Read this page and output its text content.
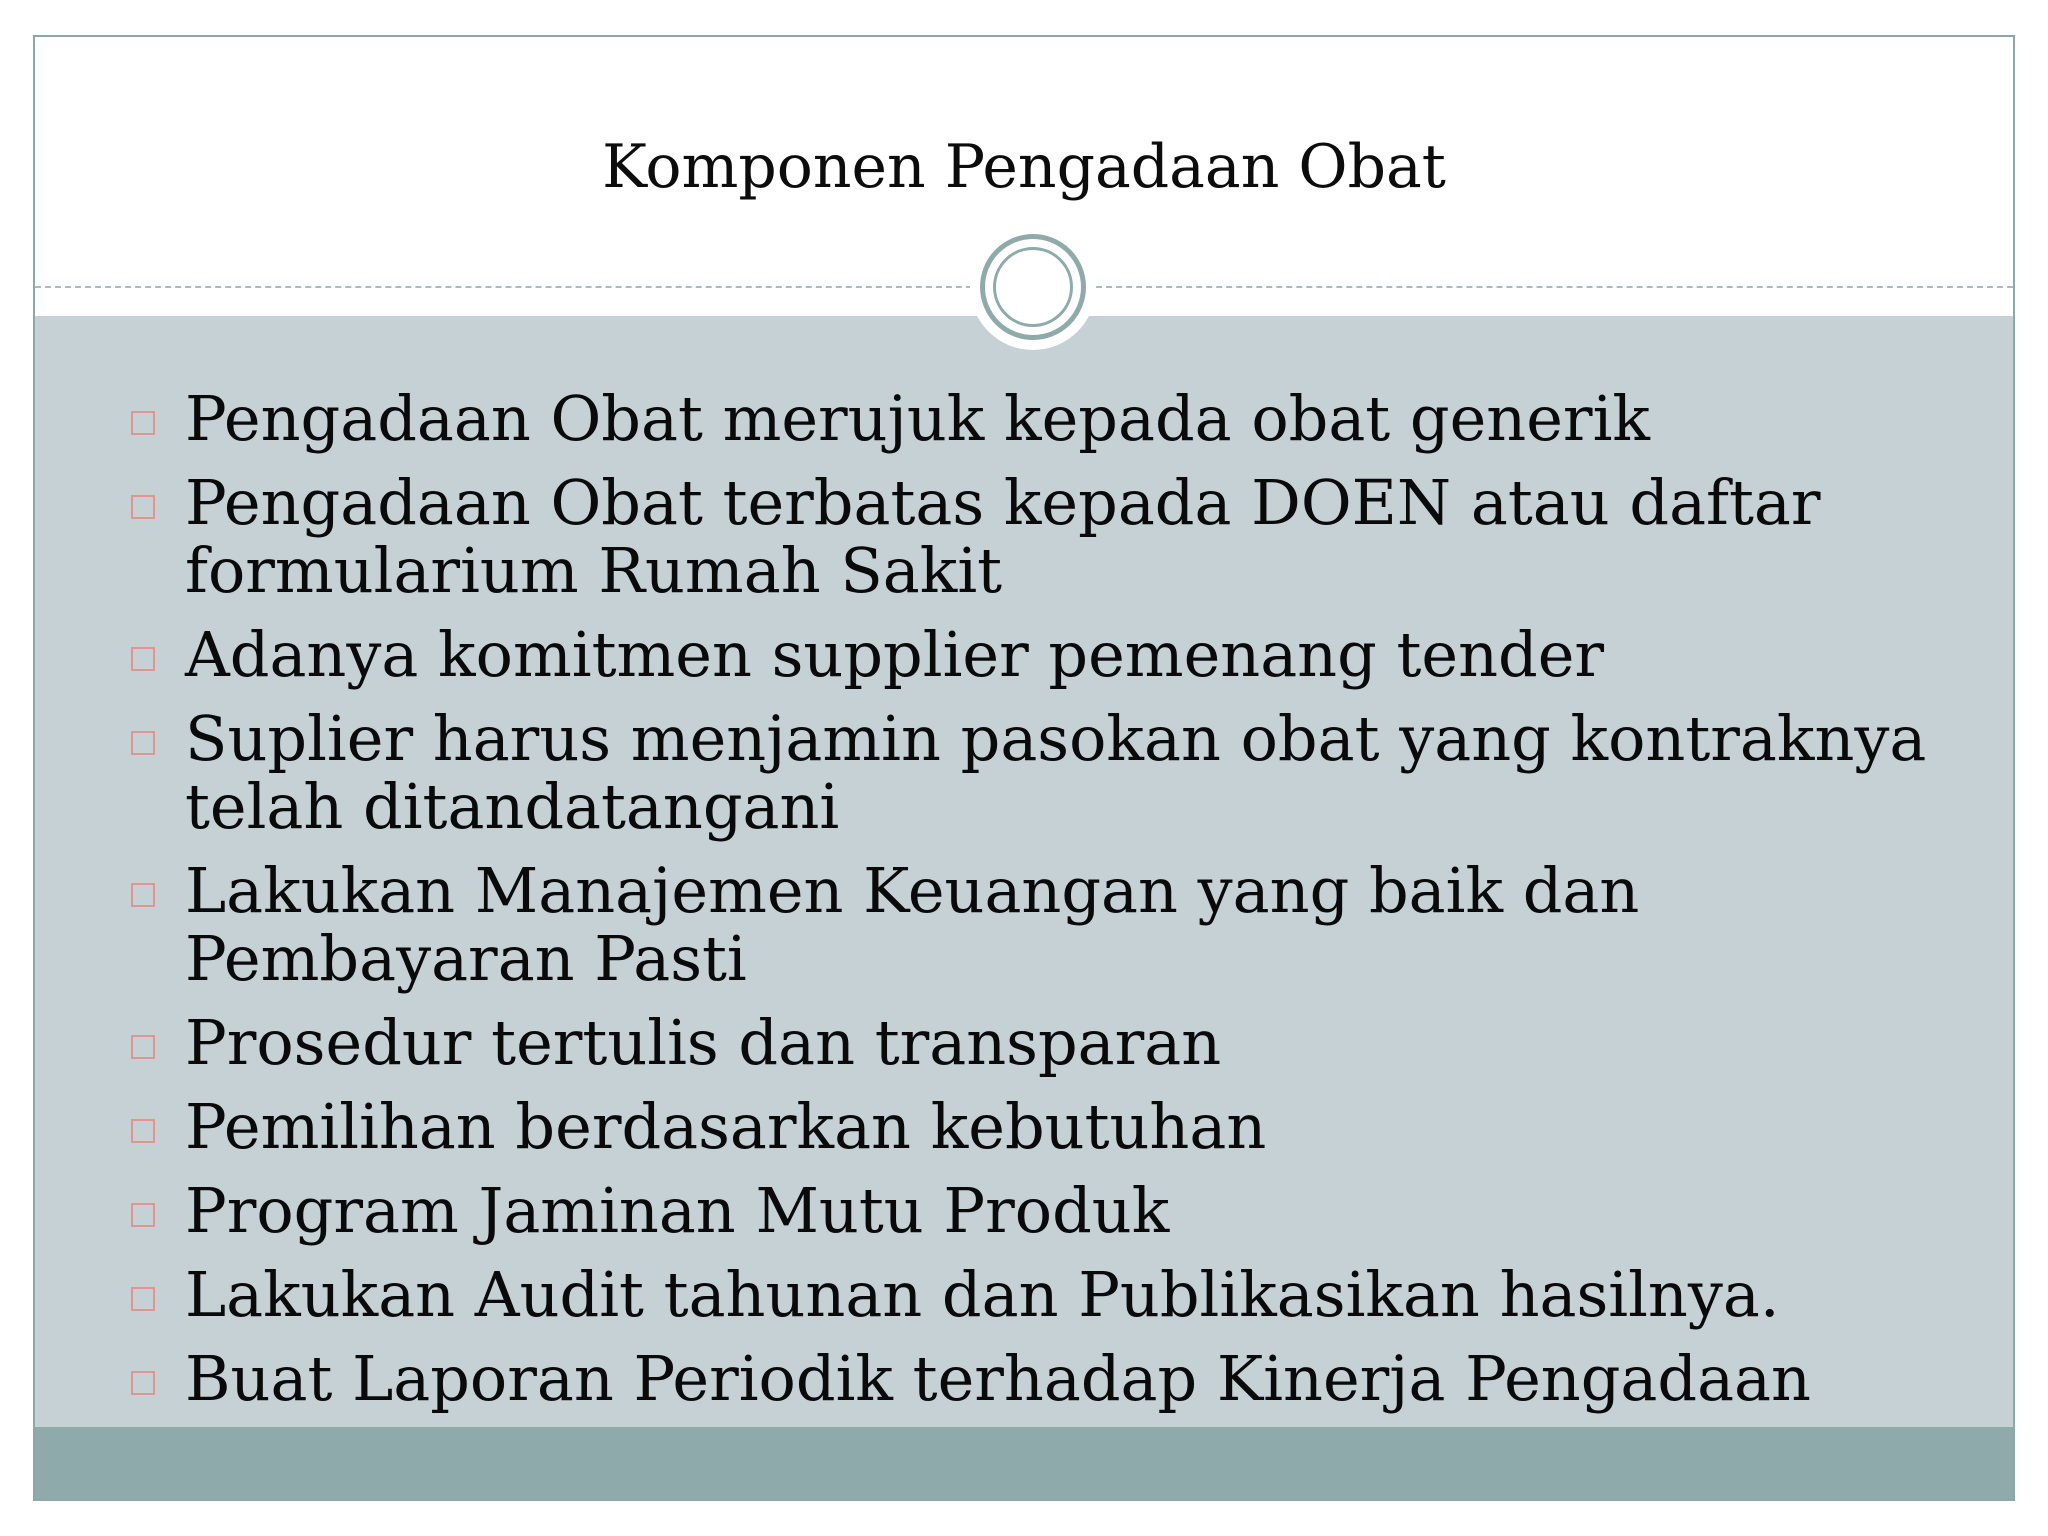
Komponen Pengadaan Obat
Pengadaan Obat merujuk kepada obat generik
Pengadaan Obat terbatas kepada DOEN atau daftar formularium Rumah Sakit
Adanya komitmen supplier pemenang tender
Suplier harus menjamin pasokan obat yang kontraknya telah ditandatangani
Lakukan Manajemen Keuangan yang baik dan Pembayaran Pasti
Prosedur tertulis dan transparan
Pemilihan berdasarkan kebutuhan
Program Jaminan Mutu Produk
Lakukan Audit tahunan dan Publikasikan hasilnya.
Buat Laporan Periodik terhadap Kinerja Pengadaan
